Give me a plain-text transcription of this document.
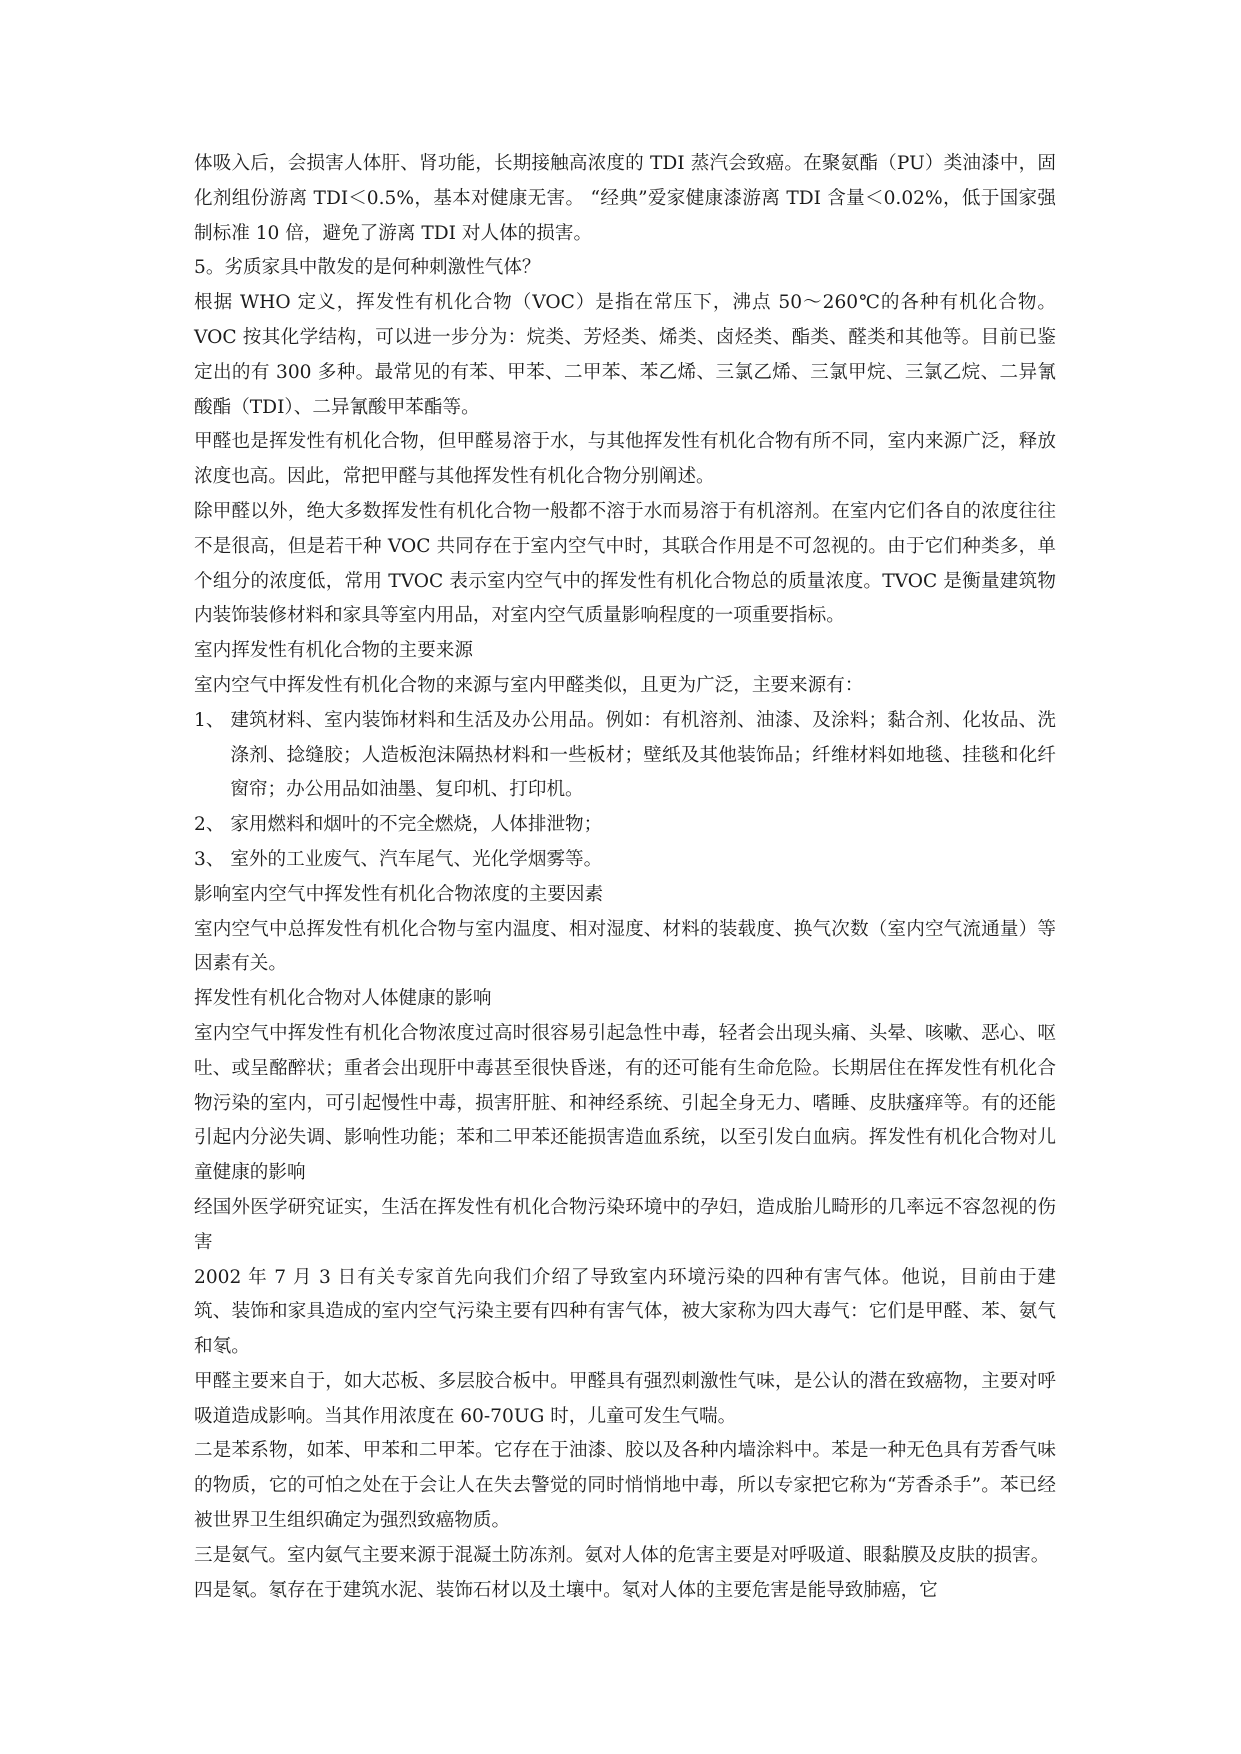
体吸入后，会损害人体肝、肾功能，长期接触高浓度的 TDI 蒸汽会致癌。在聚氨酯（PU）类油漆中，固化剂组份游离 TDI＜0.5%，基本对健康无害。 “经典”爱家健康漆游离 TDI 含量＜0.02%，低于国家强制标准 10 倍，避免了游离 TDI 对人体的损害。

5。劣质家具中散发的是何种刺激性气体？

根据 WHO 定义，挥发性有机化合物（VOC）是指在常压下，沸点 50～260℃的各种有机化合物。VOC 按其化学结构，可以进一步分为：烷类、芳烃类、烯类、卤烃类、酯类、醛类和其他等。目前已鉴定出的有 300 多种。最常见的有苯、甲苯、二甲苯、苯乙烯、三氯乙烯、三氯甲烷、三氯乙烷、二异氰酸酯（TDI）、二异氰酸甲苯酯等。

甲醛也是挥发性有机化合物，但甲醛易溶于水，与其他挥发性有机化合物有所不同，室内来源广泛，释放浓度也高。因此，常把甲醛与其他挥发性有机化合物分别阐述。

除甲醛以外，绝大多数挥发性有机化合物一般都不溶于水而易溶于有机溶剂。在室内它们各自的浓度往往不是很高，但是若干种 VOC 共同存在于室内空气中时，其联合作用是不可忽视的。由于它们种类多，单个组分的浓度低，常用 TVOC 表示室内空气中的挥发性有机化合物总的质量浓度。TVOC 是衡量建筑物内装饰装修材料和家具等室内用品，对室内空气质量影响程度的一项重要指标。

室内挥发性有机化合物的主要来源

室内空气中挥发性有机化合物的来源与室内甲醛类似，且更为广泛，主要来源有：

1、 建筑材料、室内装饰材料和生活及办公用品。例如：有机溶剂、油漆、及涂料；黏合剂、化妆品、洗涤剂、捻缝胶；人造板泡沫隔热材料和一些板材；壁纸及其他装饰品；纤维材料如地毯、挂毯和化纤窗帘；办公用品如油墨、复印机、打印机。
2、 家用燃料和烟叶的不完全燃烧，人体排泄物；
3、 室外的工业废气、汽车尾气、光化学烟雾等。

影响室内空气中挥发性有机化合物浓度的主要因素

室内空气中总挥发性有机化合物与室内温度、相对湿度、材料的装载度、换气次数（室内空气流通量）等因素有关。

挥发性有机化合物对人体健康的影响

室内空气中挥发性有机化合物浓度过高时很容易引起急性中毒，轻者会出现头痛、头晕、咳嗽、恶心、呕吐、或呈酩醉状；重者会出现肝中毒甚至很快昏迷，有的还可能有生命危险。长期居住在挥发性有机化合物污染的室内，可引起慢性中毒，损害肝脏、和神经系统、引起全身无力、嗜睡、皮肤瘙痒等。有的还能引起内分泌失调、影响性功能；苯和二甲苯还能损害造血系统，以至引发白血病。挥发性有机化合物对儿童健康的影响

经国外医学研究证实，生活在挥发性有机化合物污染环境中的孕妇，造成胎儿畸形的几率远不容忽视的伤害

2002 年 7 月 3 日有关专家首先向我们介绍了导致室内环境污染的四种有害气体。他说，目前由于建筑、装饰和家具造成的室内空气污染主要有四种有害气体，被大家称为四大毒气：它们是甲醛、苯、氨气和氡。

甲醛主要来自于，如大芯板、多层胶合板中。甲醛具有强烈刺激性气味，是公认的潜在致癌物，主要对呼吸道造成影响。当其作用浓度在 60-70UG 时，儿童可发生气喘。

二是苯系物，如苯、甲苯和二甲苯。它存在于油漆、胶以及各种内墙涂料中。苯是一种无色具有芳香气味的物质，它的可怕之处在于会让人在失去警觉的同时悄悄地中毒，所以专家把它称为“芳香杀手”。苯已经被世界卫生组织确定为强烈致癌物质。

三是氨气。室内氨气主要来源于混凝土防冻剂。氨对人体的危害主要是对呼吸道、眼黏膜及皮肤的损害。

四是氡。氡存在于建筑水泥、装饰石材以及土壤中。氡对人体的主要危害是能导致肺癌，它
